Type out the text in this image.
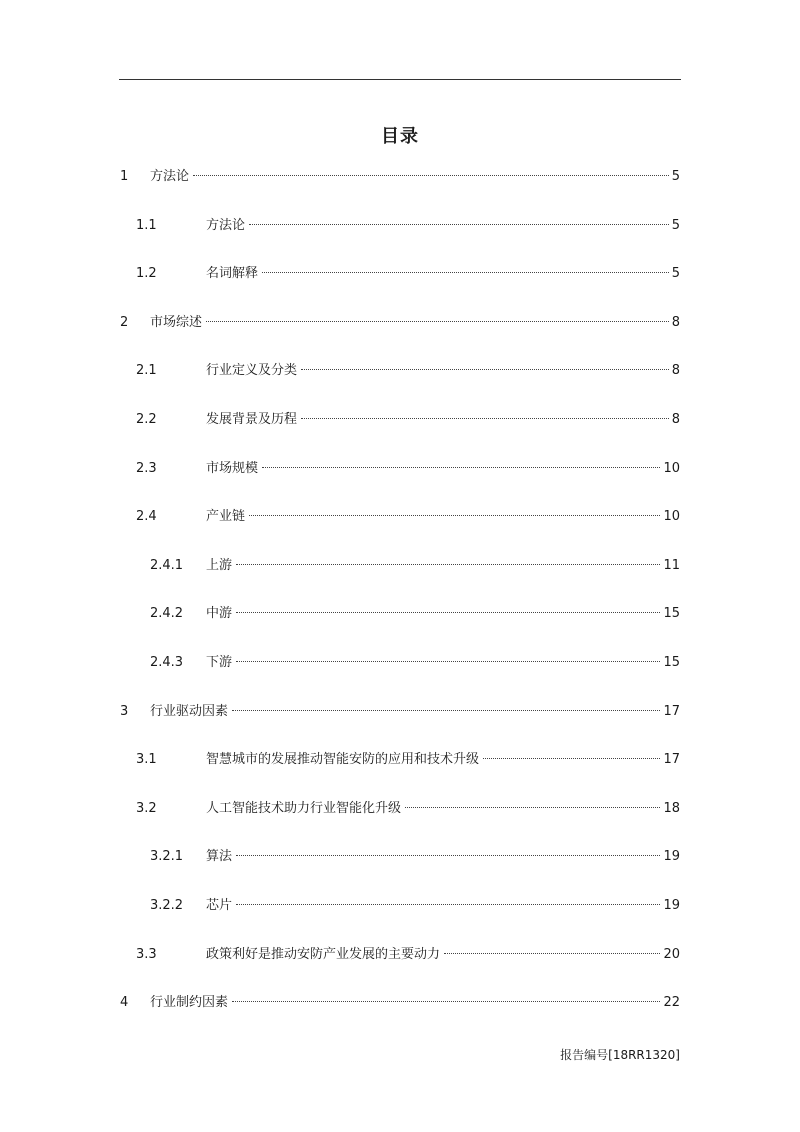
目录
1 方法论	5
1.1	方法论	5
1.2	名词解释	5
2 市场综述	8
2.1	行业定义及分类	8
2.2	发展背景及历程	8
2.3	市场规模	10
2.4	产业链	10
2.4.1 上游	11
2.4.2 中游	15
2.4.3 下游	15
3 行业驱动因素	17
3.1	智慧城市的发展推动智能安防的应用和技术升级	17
3.2	人工智能技术助力行业智能化升级	18
3.2.1 算法	19
3.2.2 芯片	19
3.3	政策利好是推动安防产业发展的主要动力	20
4 行业制约因素	22
报告编号[18RR1320]
